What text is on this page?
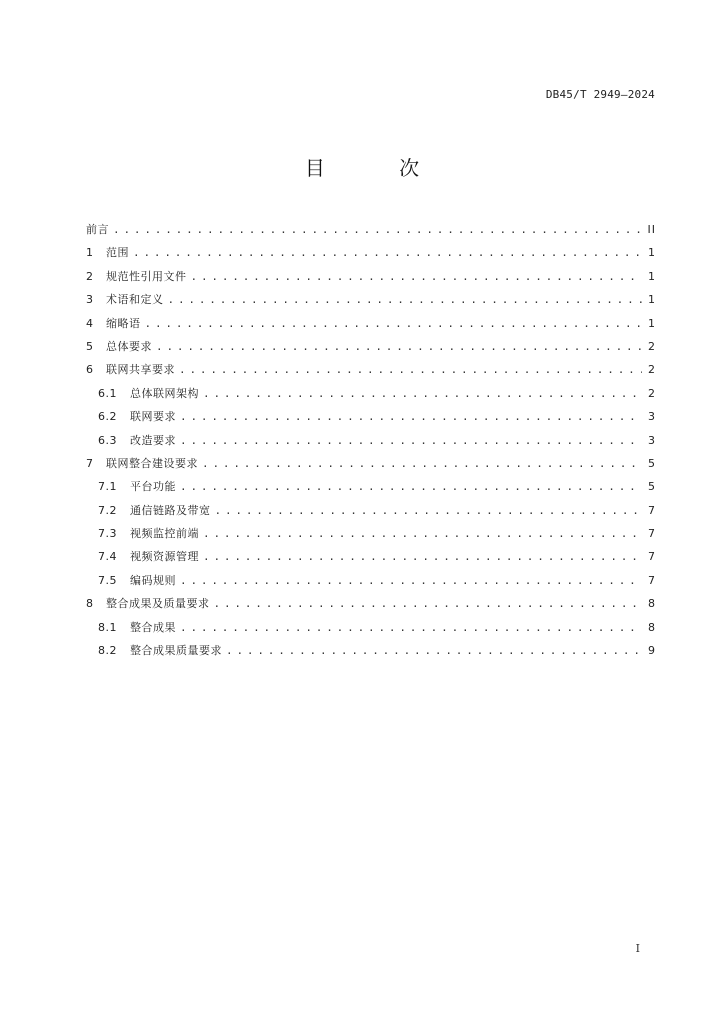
DB45/T 2949—2024
目 次
前言 . . .	II
1	范围 . . .	1
2	规范性引用文件 . . .	1
3	术语和定义 . . .	1
4	缩略语 . . .	1
5	总体要求 . . .	2
6	联网共享要求 . . .	2
6.1	总体联网架构 . . .	2
6.2	联网要求 . . .	3
6.3	改造要求 . . .	3
7	联网整合建设要求 . . .	5
7.1	平台功能 . . .	5
7.2	通信链路及带宽 . . .	7
7.3	视频监控前端 . . .	7
7.4	视频资源管理 . . .	7
7.5	编码规则 . . .	7
8	整合成果及质量要求 . . .	8
8.1	整合成果 . . .	8
8.2	整合成果质量要求 . . .	9
I
